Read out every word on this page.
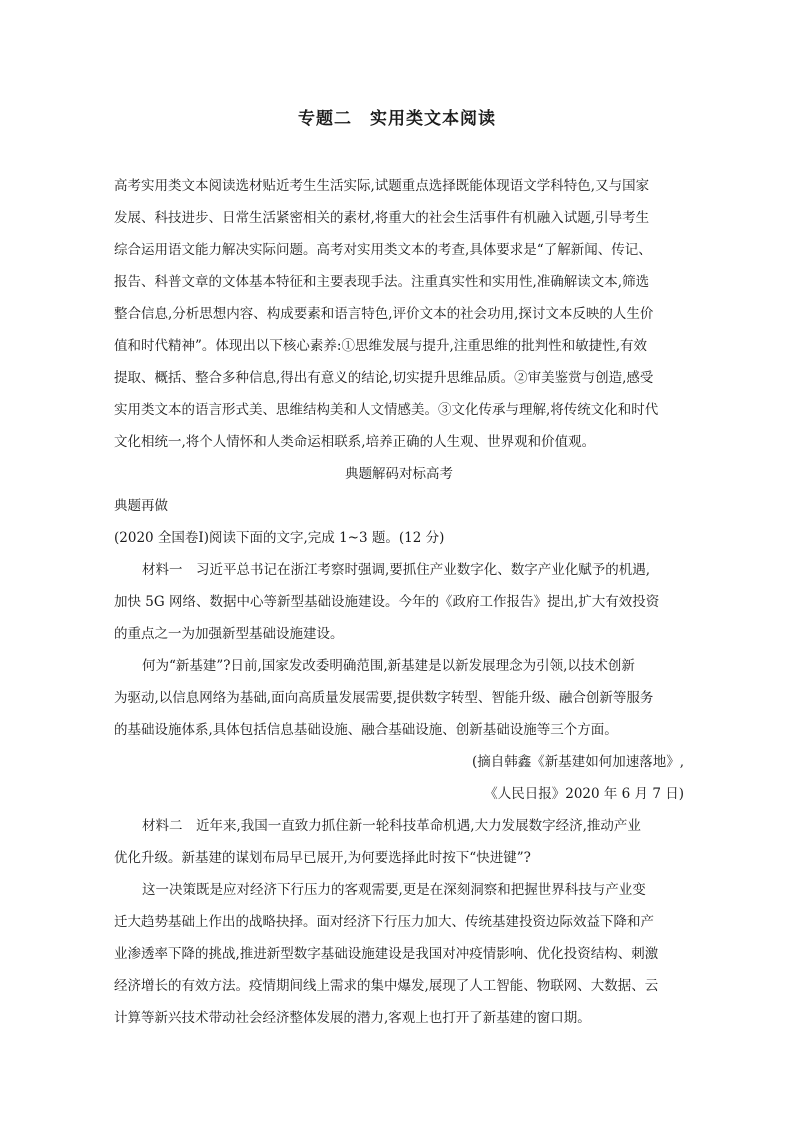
专题二　实用类文本阅读
高考实用类文本阅读选材贴近考生生活实际,试题重点选择既能体现语文学科特色,又与国家
发展、科技进步、日常生活紧密相关的素材,将重大的社会生活事件有机融入试题,引导考生
综合运用语文能力解决实际问题。高考对实用类文本的考查,具体要求是“了解新闻、传记、
报告、科普文章的文体基本特征和主要表现手法。注重真实性和实用性,准确解读文本,筛选
整合信息,分析思想内容、构成要素和语言特色,评价文本的社会功用,探讨文本反映的人生价
值和时代精神”。体现出以下核心素养:①思维发展与提升,注重思维的批判性和敏捷性,有效
提取、概括、整合多种信息,得出有意义的结论,切实提升思维品质。②审美鉴赏与创造,感受
实用类文本的语言形式美、思维结构美和人文情感美。③文化传承与理解,将传统文化和时代
文化相统一,将个人情怀和人类命运相联系,培养正确的人生观、世界观和价值观。
典题解码对标高考
典题再做
(2020 全国卷Ⅰ)阅读下面的文字,完成 1~3 题。(12 分)
材料一　习近平总书记在浙江考察时强调,要抓住产业数字化、数字产业化赋予的机遇,
加快 5G 网络、数据中心等新型基础设施建设。今年的《政府工作报告》提出,扩大有效投资
的重点之一为加强新型基础设施建设。
何为“新基建”?日前,国家发改委明确范围,新基建是以新发展理念为引领,以技术创新
为驱动,以信息网络为基础,面向高质量发展需要,提供数字转型、智能升级、融合创新等服务
的基础设施体系,具体包括信息基础设施、融合基础设施、创新基础设施等三个方面。
(摘自韩鑫《新基建如何加速落地》,
《人民日报》2020 年 6 月 7 日)
材料二　近年来,我国一直致力抓住新一轮科技革命机遇,大力发展数字经济,推动产业
优化升级。新基建的谋划布局早已展开,为何要选择此时按下“快进键”?
这一决策既是应对经济下行压力的客观需要,更是在深刻洞察和把握世界科技与产业变
迁大趋势基础上作出的战略抉择。面对经济下行压力加大、传统基建投资边际效益下降和产
业渗透率下降的挑战,推进新型数字基础设施建设是我国对冲疫情影响、优化投资结构、刺激
经济增长的有效方法。疫情期间线上需求的集中爆发,展现了人工智能、物联网、大数据、云
计算等新兴技术带动社会经济整体发展的潜力,客观上也打开了新基建的窗口期。
